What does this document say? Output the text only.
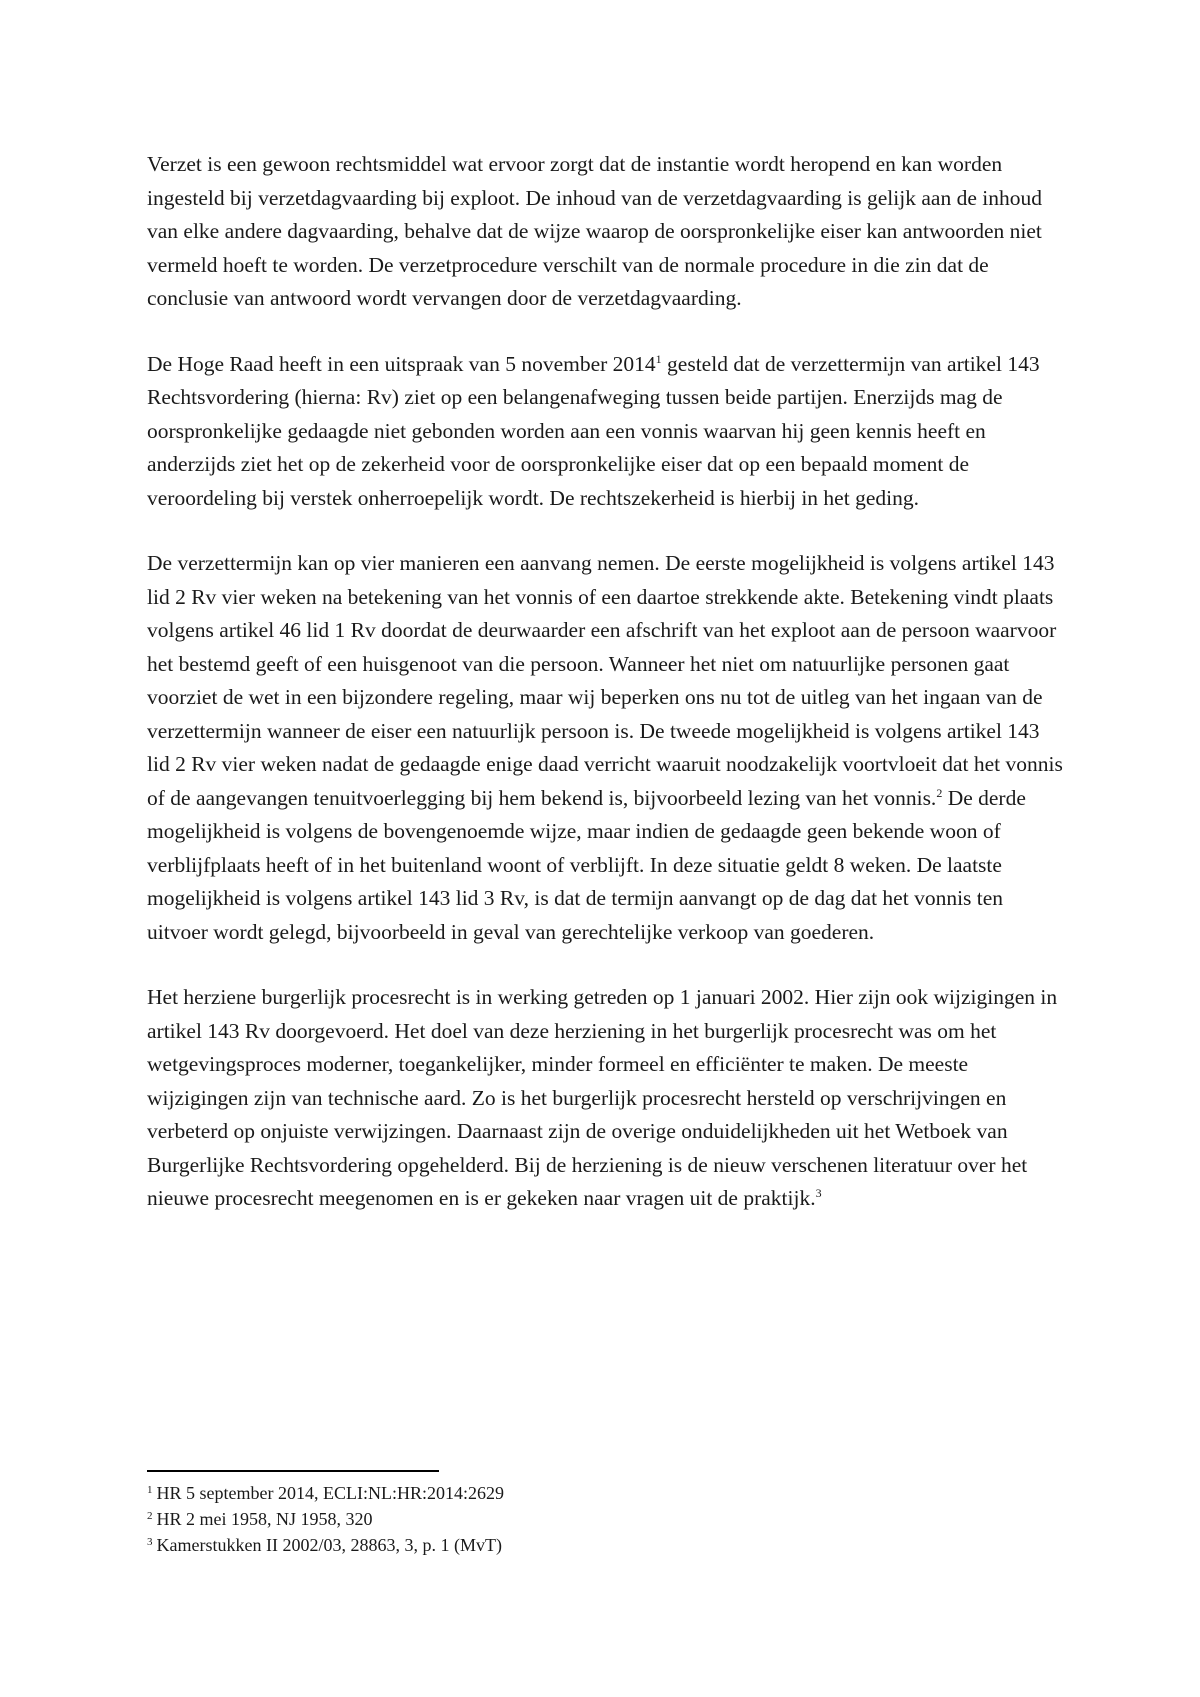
Verzet is een gewoon rechtsmiddel wat ervoor zorgt dat de instantie wordt heropend en kan worden ingesteld bij verzetdagvaarding bij exploot. De inhoud van de verzetdagvaarding is gelijk aan de inhoud van elke andere dagvaarding, behalve dat de wijze waarop de oorspronkelijke eiser kan antwoorden niet vermeld hoeft te worden. De verzetprocedure verschilt van de normale procedure in die zin dat de conclusie van antwoord wordt vervangen door de verzetdagvaarding.

De Hoge Raad heeft in een uitspraak van 5 november 2014$^1$ gesteld dat de verzettermijn van artikel 143 Rechtsvordering (hierna: Rv) ziet op een belangenafweging tussen beide partijen. Enerzijds mag de oorspronkelijke gedaagde niet gebonden worden aan een vonnis waarvan hij geen kennis heeft en anderzijds ziet het op de zekerheid voor de oorspronkelijke eiser dat op een bepaald moment de veroordeling bij verstek onherroepelijk wordt. De rechtszekerheid is hierbij in het geding.

De verzettermijn kan op vier manieren een aanvang nemen. De eerste mogelijkheid is volgens artikel 143 lid 2 Rv vier weken na betekening van het vonnis of een daartoe strekkende akte. Betekening vindt plaats volgens artikel 46 lid 1 Rv doordat de deurwaarder een afschrift van het exploot aan de persoon waarvoor het bestemd geeft of een huisgenoot van die persoon. Wanneer het niet om natuurlijke personen gaat voorziet de wet in een bijzondere regeling, maar wij beperken ons nu tot de uitleg van het ingaan van de verzettermijn wanneer de eiser een natuurlijk persoon is. De tweede mogelijkheid is volgens artikel 143 lid 2 Rv vier weken nadat de gedaagde enige daad verricht waaruit noodzakelijk voortvloeit dat het vonnis of de aangevangen tenuitvoerlegging bij hem bekend is, bijvoorbeeld lezing van het vonnis.$^2$ De derde mogelijkheid is volgens de bovengenoemde wijze, maar indien de gedaagde geen bekende woon of verblijfplaats heeft of in het buitenland woont of verblijft. In deze situatie geldt 8 weken. De laatste mogelijkheid is volgens artikel 143 lid 3 Rv, is dat de termijn aanvangt op de dag dat het vonnis ten uitvoer wordt gelegd, bijvoorbeeld in geval van gerechtelijke verkoop van goederen.

Het herziene burgerlijk procesrecht is in werking getreden op 1 januari 2002. Hier zijn ook wijzigingen in artikel 143 Rv doorgevoerd. Het doel van deze herziening in het burgerlijk procesrecht was om het wetgevingsproces moderner, toegankelijker, minder formeel en efficiënter te maken. De meeste wijzigingen zijn van technische aard. Zo is het burgerlijk procesrecht hersteld op verschrijvingen en verbeterd op onjuiste verwijzingen. Daarnaast zijn de overige onduidelijkheden uit het Wetboek van Burgerlijke Rechtsvordering opgehelderd. Bij de herziening is de nieuw verschenen literatuur over het nieuwe procesrecht meegenomen en is er gekeken naar vragen uit de praktijk.$^3$

$^1$ HR 5 september 2014, ECLI:NL:HR:2014:2629

$^2$ HR 2 mei 1958, NJ 1958, 320

$^3$ Kamerstukken II 2002/03, 28863, 3, p. 1 (MvT)
